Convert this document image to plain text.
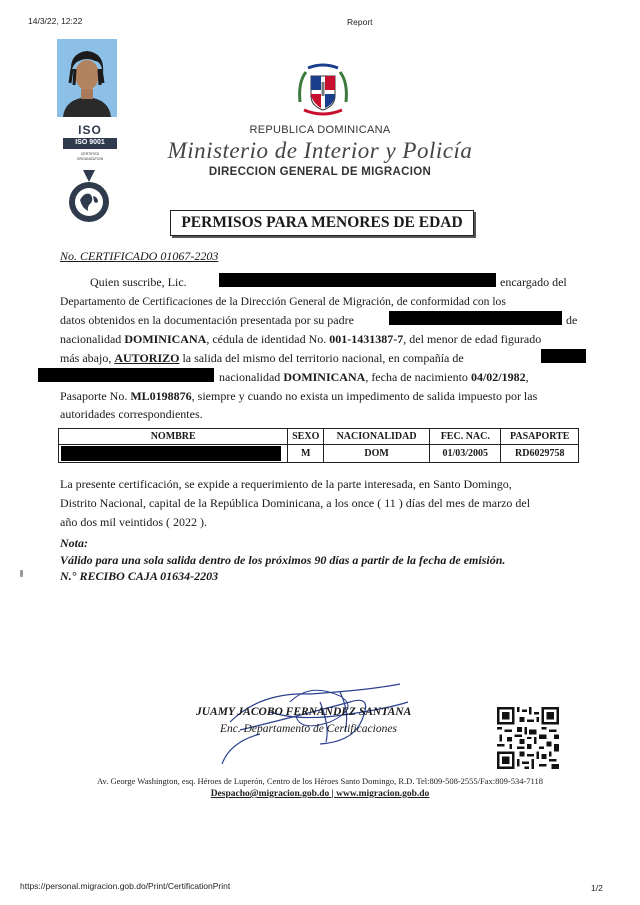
14/3/22, 12:22	Report
ISO
ISO 9001
CERTIFIED
ORGANIZATION
REPUBLICA DOMINICANA
Ministerio de Interior y Policía
DIRECCION GENERAL DE MIGRACION
PERMISOS PARA MENORES DE EDAD
No. CERTIFICADO 01067-2203
Quien suscribe, Lic.	encargado del
Departamento de Certificaciones de la Dirección General de Migración, de conformidad con los
datos obtenidos en la documentación presentada por su padre	de
nacionalidad DOMINICANA, cédula de identidad No. 001-1431387-7, del menor de edad figurado
más abajo, AUTORIZO la salida del mismo del territorio nacional, en compañía de
nacionalidad DOMINICANA, fecha de nacimiento 04/02/1982,
Pasaporte No. ML0198876, siempre y cuando no exista un impedimento de salida impuesto por las
autoridades correspondientes.
NOMBRE	SEXO	NACIONALIDAD	FEC. NAC.	PASAPORTE

	M	DOM	01/03/2005	RD6029758
La presente certificación, se expide a requerimiento de la parte interesada, en Santo Domingo,
Distrito Nacional, capital de la República Dominicana, a los once ( 11 ) días del mes de marzo del
año dos mil veintidos ( 2022 ).
Nota:
Válido para una sola salida dentro de los próximos 90 días a partir de la fecha de emisión.
N.° RECIBO CAJA 01634-2203
JUAMY JACOBO FERNANDEZ SANTANA
Enc. Departamento de Certificaciones
Av. George Washington, esq. Héroes de Luperón, Centro de los Héroes Santo Domingo, R.D. Tel:809-508-2555/Fax:809-534-7118
Despacho@migracion.gob.do | www.migracion.gob.do
https://personal.migracion.gob.do/Print/CertificationPrint	1/2
